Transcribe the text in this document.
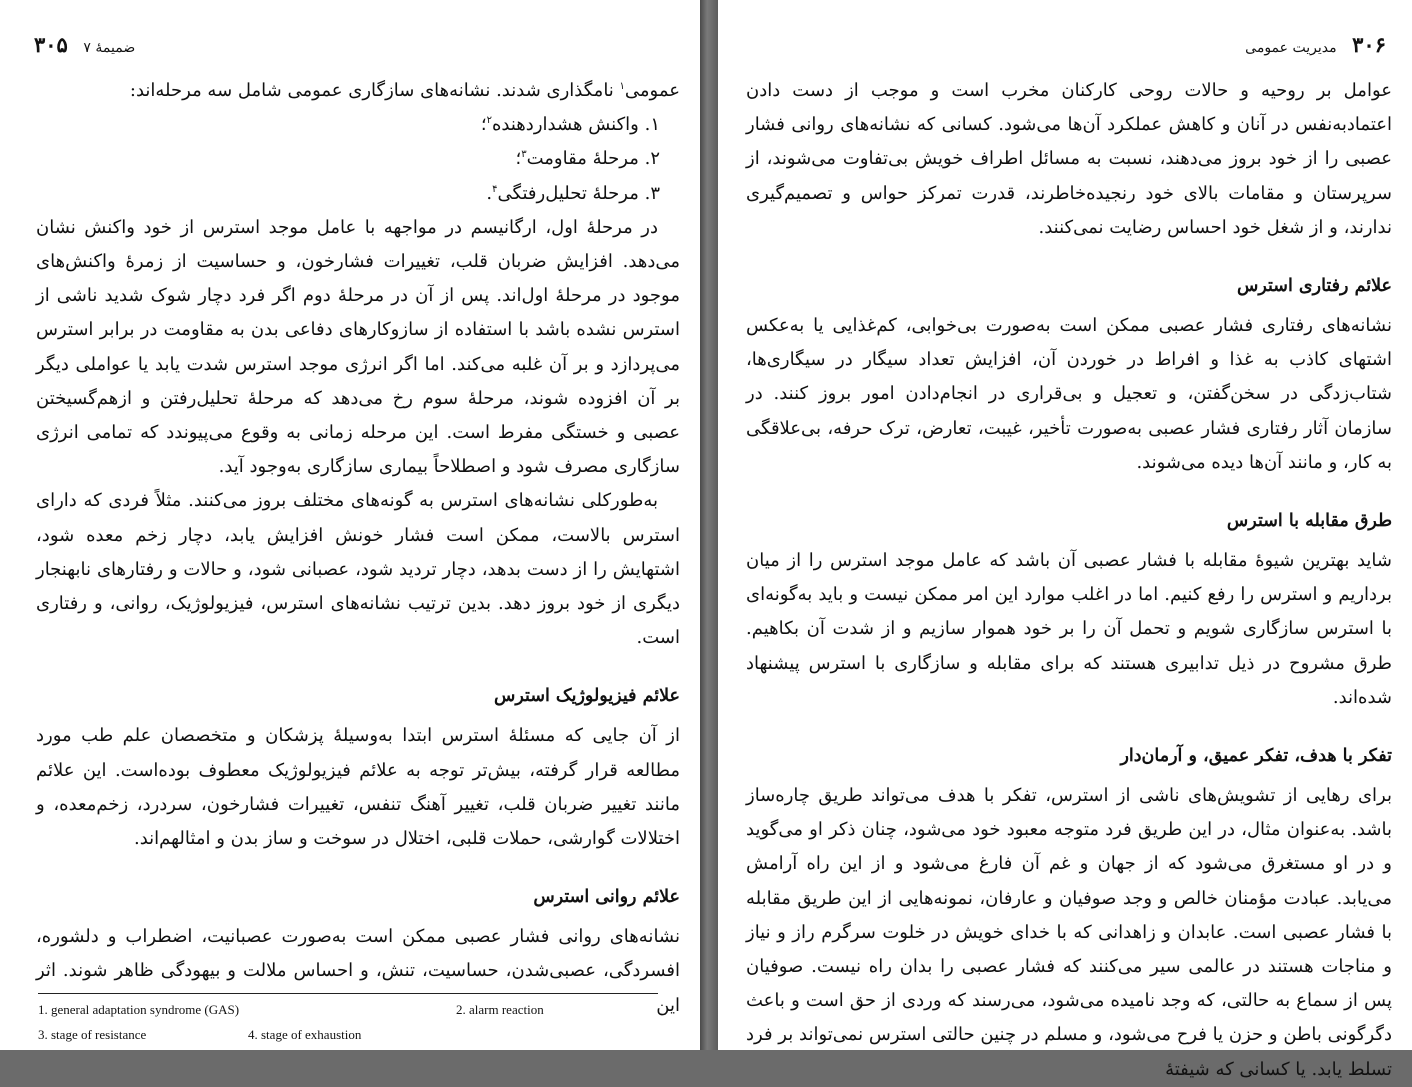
ضمیمهٔ ۷ ۳۰۵

عمومی$^۱$ نامگذاری شدند. نشانه‌های سازگاری عمومی شامل سه مرحله‌اند:

۱. واکنش هشداردهنده$^۲$؛

۲. مرحلهٔ مقاومت$^۳$؛

۳. مرحلهٔ تحلیل‌رفتگی$^۴$.

در مرحلهٔ اول، ارگانیسم در مواجهه با عامل موجد استرس از خود واکنش نشان می‌دهد. افزایش ضربان قلب، تغییرات فشارخون، و حساسیت از زمرهٔ واکنش‌های موجود در مرحلهٔ اول‌اند. پس از آن در مرحلهٔ دوم اگر فرد دچار شوک شدید ناشی از استرس نشده باشد با استفاده از سازوکارهای دفاعی بدن به مقاومت در برابر استرس می‌پردازد و بر آن غلبه می‌کند. اما اگر انرژی موجد استرس شدت یابد یا عواملی دیگر بر آن افزوده شوند، مرحلهٔ سوم رخ می‌دهد که مرحلهٔ تحلیل‌رفتن و ازهم‌گسیختن عصبی و خستگی مفرط است. این مرحله زمانی به وقوع می‌پیوندد که تمامی انرژی سازگاری مصرف شود و اصطلاحاً بیماری سازگاری به‌وجود آید.

به‌طورکلی نشانه‌های استرس به گونه‌های مختلف بروز می‌کنند. مثلاً فردی که دارای استرس بالاست، ممکن است فشار خونش افزایش یابد، دچار زخم معده شود، اشتهایش را از دست بدهد، دچار تردید شود، عصبانی شود، و حالات و رفتارهای نابهنجار دیگری از خود بروز دهد. بدین ترتیب نشانه‌های استرس، فیزیولوژیک، روانی، و رفتاری است.

علائم فیزیولوژیک استرس

از آن جایی که مسئلهٔ استرس ابتدا به‌وسیلهٔ پزشکان و متخصصان علم طب مورد مطالعه قرار گرفته، بیش‌تر توجه به علائم فیزیولوژیک معطوف بوده‌است. این علائم مانند تغییر ضربان قلب، تغییر آهنگ تنفس، تغییرات فشارخون، سردرد، زخم‌معده، و اختلالات گوارشی، حملات قلبی، اختلال در سوخت و ساز بدن و امثالهم‌اند.

علائم روانی استرس

نشانه‌های روانی فشار عصبی ممکن است به‌صورت عصبانیت، اضطراب و دلشوره، افسردگی، عصبی‌شدن، حساسیت، تنش، و احساس ملالت و بیهودگی ظاهر شوند. اثر این

1. general adaptation syndrome (GAS)	2. alarm reaction
3. stage of resistance	4. stage of exhaustion
۳۰۶ مدیریت عمومی

عوامل بر روحیه و حالات روحی کارکنان مخرب است و موجب از دست دادن اعتمادبه‌نفس در آنان و کاهش عملکرد آن‌ها می‌شود. کسانی که نشانه‌های روانی فشار عصبی را از خود بروز می‌دهند، نسبت به مسائل اطراف خویش بی‌تفاوت می‌شوند، از سرپرستان و مقامات بالای خود رنجیده‌خاطرند، قدرت تمرکز حواس و تصمیم‌گیری ندارند، و از شغل خود احساس رضایت نمی‌کنند.

علائم رفتاری استرس

نشانه‌های رفتاری فشار عصبی ممکن است به‌صورت بی‌خوابی، کم‌غذایی یا به‌عکس اشتهای کاذب به غذا و افراط در خوردن آن، افزایش تعداد سیگار در سیگاری‌ها، شتاب‌زدگی در سخن‌گفتن، و تعجیل و بی‌قراری در انجام‌دادن امور بروز کنند. در سازمان آثار رفتاری فشار عصبی به‌صورت تأخیر، غیبت، تعارض، ترک حرفه، بی‌علاقگی به کار، و مانند آن‌ها دیده می‌شوند.

طرق مقابله با استرس

شاید بهترین شیوهٔ مقابله با فشار عصبی آن باشد که عامل موجد استرس را از میان برداریم و استرس را رفع کنیم. اما در اغلب موارد این امر ممکن نیست و باید به‌گونه‌ای با استرس سازگاری شویم و تحمل آن را بر خود هموار سازیم و از شدت آن بکاهیم. طرق مشروح در ذیل تدابیری هستند که برای مقابله و سازگاری با استرس پیشنهاد شده‌اند.

تفکر با هدف، تفکر عمیق، و آرمان‌دار

برای رهایی از تشویش‌های ناشی از استرس، تفکر با هدف می‌تواند طریق چاره‌ساز باشد. به‌عنوان مثال، در این طریق فرد متوجه معبود خود می‌شود، چنان ذکر او می‌گوید و در او مستغرق می‌شود که از جهان و غم آن فارغ می‌شود و از این راه آرامش می‌یابد. عبادت مؤمنان خالص و وجد صوفیان و عارفان، نمونه‌هایی از این طریق مقابله با فشار عصبی است. عابدان و زاهدانی که با خدای خویش در خلوت سرگرم راز و نیاز و مناجات هستند در عالمی سیر می‌کنند که فشار عصبی را بدان راه نیست. صوفیان پس از سماع به حالتی، که وجد نامیده می‌شود، می‌رسند که وردی از حق است و باعث دگرگونی باطن و حزن یا فرح می‌شود، و مسلم در چنین حالتی استرس نمی‌تواند بر فرد تسلط یابد. یا کسانی که شیفتهٔ
